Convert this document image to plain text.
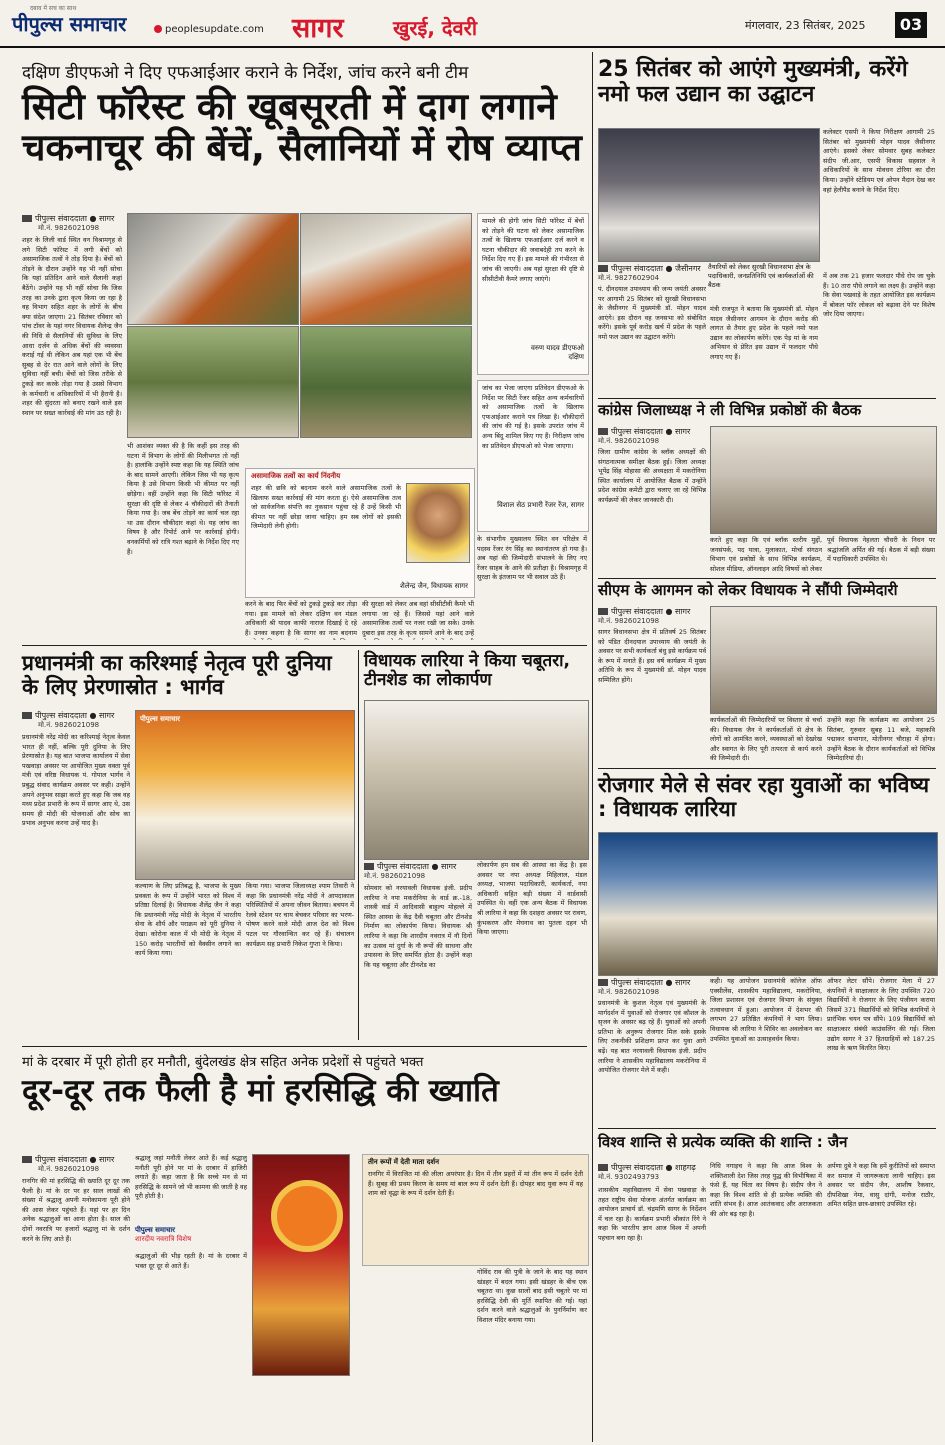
दबाव में सच का साथ
पीपुल्स समाचार	peoplesupdate.com सागर खुरई, देवरी	मंगलवार, 23 सितंबर, 2025	03
दक्षिण डीएफओ ने दिए एफआईआर कराने के निर्देश, जांच करने बनी टीम
सिटी फॉरेस्ट की खूबसूरती में दाग लगाने चकनाचूर की बेंचें, सैलानियों में रोष व्याप्त
पीपुल्स संवाददाता ● सागर
मो.नं. 9826021098
शहर के लिली वार्ड स्थित वन विश्रामगृह से लगे सिटी फॉरेस्ट में लगी बेंचों को असामाजिक तत्वों ने तोड़ दिया है। बेंचों को तोड़ने के दौरान उन्होंने यह भी नहीं सोचा कि यहां प्रतिदिन आने वाले सैलानी कहां बैठेंगे। उन्होंने यह भी नहीं सोचा कि जिस तरह का उनके द्वारा कृत्य किया जा रहा है वह विभाग सहित शहर के लोगों के बीच क्या संदेश जाएगा। 21 सितंबर रविवार को पांच टॉवर के यहां नगर विधायक शैलेन्द्र जैन की निधि से सैलानियों की सुविधा के लिए आधा दर्जन से अधिक बेंचों की व्यवस्था कराई गई थी लेकिन अब यहां एक भी बेंच सुबह से देर रात आने वाले लोगों के लिए सुविधा नहीं बची। बेंचों को जिस तरीके से टुकड़े कर करके तोड़ा गया है उससे विभाग के कर्मचारी व अधिकारियों में भी हैरानी है। शहर की सुंदरता को बनाए रखने वाले इस स्थान पर सख्त कार्रवाई की मांग उठ रही है।
मामले की होगी जांच सिटी फॉरेस्ट में बेंचों को तोड़ने की घटना को लेकर असामाजिक तत्वों के खिलाफ एफआईआर दर्ज करने व घटना चौकीदार की जवाबदेही तय करने के निर्देश दिए गए हैं। इस मामले की गंभीरता से जांच की जाएगी। अब यहां सुरक्षा की दृष्टि से सीसीटीवी कैमरे लगाए जाएंगे।
वरुण यादव डीएफओ दक्षिण
जांच का भेजा जाएगा प्रतिवेदन डीएफओ के निर्देश पर सिटी रेंजर सहित अन्य कर्मचारियों को असामाजिक तत्वों के खिलाफ एफआईआर कराने पत्र लिखा है। चौकीदारों की जांच की गई है। इसके उपरांत जांच में अन्य बिंदु शामिल किए गए हैं। निरीक्षण जांच का प्रतिवेदन डीएफओ को भेजा जाएगा।
विशाल सेठ प्रभारी रेंजर रेंज, सागर
भी आशंका व्यक्त की है कि कहीं इस तरह की घटना में विभाग के लोगों की मिलीभगत तो नहीं है। हालांकि उन्होंने स्पष्ट कहा कि यह स्थिति जांच के बाद सामने आएगी। लेकिन जिस भी यह कृत्य किया है उसे विभाग किसी भी कीमत पर नहीं छोड़ेगा। वहीं उन्होंने कहा कि सिटी फॉरेस्ट में सुरक्षा की दृष्टि से लेकर 4 चौकीदारों की तैनाती किया गया है। जब बेंच तोड़ने का कार्य चल रहा था उस दौरान चौकीदार कहां थे। यह जांच का विषय है और रिपोर्ट आने पर कार्रवाई होगी। वनकर्मियों को रात्रि गश्त बढ़ाने के निर्देश दिए गए हैं।
असामाजिक तत्वों का कार्य निंदनीय
शहर की छवि को बदनाम करने वाले असामाजिक तत्वों के खिलाफ सख्त कार्रवाई की मांग करता हूं। ऐसे असामाजिक तत्व जो सार्वजनिक संपत्ति का नुकसान पहुंचा रहे हैं उन्हें किसी भी कीमत पर नहीं छोड़ा जाना चाहिए। हम सब लोगों को इसकी जिम्मेदारी लेनी होगी।
शैलेन्द्र जैन, विधायक सागर
करने के बाद फिर बेंचों को टुकड़े टुकड़े कर तोड़ा गया। इस मामले को लेकर दक्षिण वन मंडल अधिकारी श्री यादव काफी नाराज दिखाई दे रहे हैं। उनका कहना है कि सागर का नाम बदनाम
की सुरक्षा को लेकर अब वहां सीसीटीवी कैमरे भी लगाया जा रहे हैं। जिससे यहां आने वाले असामाजिक तत्वों पर नजर रखी जा सके। उनके दुबारा इस तरह के कृत्य सामने आने के बाद उन्हें
के संभागीय मुख्यालय स्थित वन परिक्षेत्र में पदस्थ रेंजर रंग सिंह का स्थानांतरण हो गया है। अब यहां की जिम्मेदारी संभालने के लिए नए रेंजर साहब के आने की प्रतीक्षा है। विश्रामगृह में सुरक्षा के इंतजाम पर भी सवाल उठे हैं।
25 सितंबर को आएंगे मुख्यमंत्री, करेंगे नमो फल उद्यान का उद्घाटन
कलेक्टर एसपी ने किया निरीक्षण आगामी 25 सितंबर को मुख्यमंत्री मोहन यादव जैसीनगर आएंगे। इसको लेकर सोमवार सुबह कलेक्टर संदीप जी.आर, एसपी विकास सहवाल ने अधिकारियों के साथ मोवधन टोरिया का दौरा किया। उन्होंने स्टेडियम एवं ओपन मैदान देख कर वहां हेलीपैड बनाने के निर्देश दिए।
पीपुल्स संवाददाता ● जैसीनगर
मो.नं. 9827602904
तैयारियों को लेकर सुरखी विधानसभा क्षेत्र के पदाधिकारी, जनप्रतिनिधि एवं कार्यकर्ताओं की बैठक
पं. दीनदयाल उपाध्याय की जन्म जयंती अवसर पर आगामी 25 सितंबर को सुरखी विधानसभा के जैसीनगर में मुख्यमंत्री डॉ. मोहन यादव आएंगे। इस दौरान वह जनसभा को संबोधित करेंगे। इसके पूर्व करोड़ खर्च में प्रदेश के पहले नमो फल उद्यान का उद्घाटन करेंगे।
मंत्री राजपूत ने बताया कि मुख्यमंत्री डॉ. मोहन यादव जैसीनगर आगमन के दौरान करोड़ की लागत से तैयार हुए प्रदेश के पहले नमो फल उद्यान का लोकार्पण करेंगे। एक पेड़ मां के नाम अभियान से प्रेरित इस उद्यान में फलदार पौधे लगाए गए हैं।
में अब तक 21 हजार फलदार पौधे रोप जा चुके हैं। 10 तारा पौधे लगाने का लक्ष्य है। उन्होंने कहा कि सेवा पखवाड़े के तहत आयोजित इस कार्यक्रम में बोकल फॉर लोकल को बढ़ावा देने पर विशेष जोर दिया जाएगा।
कांग्रेस जिलाध्यक्ष ने ली विभिन्न प्रकोष्ठों की बैठक
पीपुल्स संवाददाता ● सागर
मो.नं. 9826021098
जिला ग्रामीण कांग्रेस के ब्लॉक अध्यक्षों की संगठनात्मक समीक्षा बैठक हुई। जिला अध्यक्ष भूपेंद्र सिंह मोहासा की अध्यक्षता में मकरोनिया स्थित कार्यालय में आयोजित बैठक में उन्होंने प्रदेश कांग्रेस कमेटी द्वारा चलाए जा रहे विभिन्न कार्यक्रमों की लेकर जानकारी दी।
करते हुए कहा कि एवं ब्लॉक स्तरीय मुद्दों, जनसंपर्क, पद यात्रा, मुलाकात, मोर्चा संगठन विभाग एवं प्रकोष्ठों के साथ विभिन्न कार्यक्रम, सोशल मीडिया, ऑनलाइन आदि विषयों को लेकर
पूर्व विधायक नेहलता चौधरी के निधन पर श्रद्धांजलि अर्पित की गई। बैठक में बड़ी संख्या में पदाधिकारी उपस्थित थे।
सीएम के आगमन को लेकर विधायक ने सौंपी जिम्मेदारी
पीपुल्स संवाददाता ● सागर
मो.नं. 9826021098
सागर विधानसभा क्षेत्र में प्रतिवर्ष 25 सितंबर को पंडित दीनदयाल उपाध्याय की जयंती के अवसर पर सभी कार्यकर्ता बंधु इसे कार्यक्रम पर्व के रूप में मनाते हैं। इस वर्ष कार्यक्रम में मुख्य अतिथि के रूप में मुख्यमंत्री डॉ. मोहन यादव सम्मिलित होंगे।
कार्यकर्ताओं की जिम्मेदारियों पर विस्तार से चर्चा की। विधायक जैन ने कार्यकर्ताओं से क्षेत्र के लोगों को आमंत्रित करने, व्यवस्थाओं को देखरेख और स्वागत के लिए पूरी तत्परता से कार्य करने की जिम्मेदारी दी।
उन्होंने कहा कि कार्यक्रम का आयोजन 25 सितंबर, गुरुवार सुबह 11 बजे, महाकवि पद्माकर सभागार, मोतीनगर चौराहा में होगा। उन्होंने बैठक के दौरान कार्यकर्ताओं को विभिन्न जिम्मेदारियां दी।
प्रधानमंत्री का करिश्माई नेतृत्व पूरी दुनिया के लिए प्रेरणास्रोत : भार्गव
पीपुल्स संवाददाता ● सागर
मो.नं. 9826021098
प्रधानमंत्री नरेंद्र मोदी का करिश्माई नेतृत्व केवल भारत ही नहीं, बल्कि पूरी दुनिया के लिए प्रेरणास्रोत है। यह बात भाजपा कार्यालय में सेवा पखवाड़ा अवसर पर आयोजित मुख्य वक्ता पूर्व मंत्री एवं वरिष्ठ विधायक पं. गोपाल भार्गव ने प्रबुद्ध संवाद कार्यक्रम अवसर पर कही। उन्होंने अपने अनुभव साझा करते हुए कहा कि जब वह मध्य प्रदेश प्रभारी के रूप में सागर आए थे, उस समय ही मोदी की योजनाओं और सोच का प्रभाव अनुभव करना उन्हें याद है।
पीपुल्स समाचार
कल्याण के लिए प्रतिबद्ध है, भाजपा के मुख्य प्रवक्ता के रूप में उन्होंने भारत को विश्व में प्रतिष्ठा दिलाई है। विधायक शैलेंद्र जैन ने कहा कि प्रधानमंत्री नरेंद्र मोदी के नेतृत्व में भारतीय सेना के शौर्य और पराक्रम को पूरी दुनिया ने देखा। कोरोना काल में भी मोदी के नेतृत्व में 150 करोड़ भारतीयों को वैक्सीन लगाने का कार्य किया गया।
किया गया। भाजपा जिलाध्यक्ष श्याम तिवारी ने कहा कि प्रधानमंत्री नरेंद्र मोदी ने आपदाकाल परिस्थितियों में अपना जीवन बिताया। बचपन में रेलवे स्टेशन पर चाय बेचकर परिवार का भरण-पोषण करने वाले मोदी आज देश को विश्व पटल पर गौरवान्वित कर रहे हैं। संचालन कार्यक्रम सह प्रभारी निकेश गुप्ता ने किया।
विधायक लारिया ने किया चबूतरा, टीनशेड का लोकार्पण
पीपुल्स संवाददाता ● सागर
मो.नं. 9826021098
सोमवार को नरयावली विधायक इंजी. प्रदीप लारिया ने नपा मकरोनिया के वार्ड क्र.-18, शास्त्री वार्ड में आदिवासी बाहुल्य मोहल्ले में स्थित आस्था के केंद्र दैवी चबूतरा और टीनशेड निर्माण का लोकार्पण किया। विधायक श्री लारिया ने कहा कि शारदीय नवरात्र में नौ दिनों का उत्सव मां दुर्गा के नौ रूपों की साधना और उपासना के लिए समर्पित होता है। उन्होंने कहा कि यह चबूतरा और टीनशेड का
लोकार्पण हम सब की आस्था का केंद्र है। इस अवसर पर नपा अध्यक्ष मिहिलाल, मंडल अध्यक्ष, भाजपा पदाधिकारी, कार्यकर्ता, नपा अधिकारी सहित बड़ी संख्या में वार्डवासी उपस्थित थे। वहीं एक अन्य बैठक में विधायक श्री लारिया ने कहा कि दशहरा अवसर पर रावण, कुंभकरण और मेघनाथ का पुतला दहन भी किया जाएगा।
रोजगार मेले से संवर रहा युवाओं का भविष्य : विधायक लारिया
पीपुल्स संवाददाता ● सागर
मो.नं. 9826021098
प्रधानमंत्री के कुशल नेतृत्व एवं मुख्यमंत्री के मार्गदर्शन में युवाओं को रोजगार एवं कौशल के सृजन के अवसर बढ़ रहे हैं। युवाओं को अपनी प्रतिभा के अनुरूप रोजगार मिल सके इसके लिए तकनीकी प्रशिक्षण प्राप्त कर युवा आगे बढ़ें। यह बात नरयावली विधायक इंजी. प्रदीप लारिया ने शासकीय महाविद्यालय मकरोनिया में आयोजित रोजगार मेले में कही।
कही। यह आयोजन प्रधानमंत्री कॉलेज ऑफ एक्सीलेंस, शासकीय महाविद्यालय, मकरोनिया, जिला प्रशासन एवं रोजगार विभाग के संयुक्त तत्वावधान में हुआ। आयोजन में देशभर की लगभग 27 प्रतिष्ठित कंपनियों ने भाग लिया। विधायक श्री लारिया ने शिविर का अवलोकन कर उपस्थित युवाओं का उत्साहवर्धन किया।
ऑफर लेटर सौंपे। रोजगार मेला में 27 कंपनियों ने साक्षात्कार के लिए उपस्थित 720 विद्यार्थियों ने रोजगार के लिए पंजीयन कराया जिसमें 371 विद्यार्थियों को विभिन्न कंपनियों ने प्रारंभिक चयन पत्र सौंपे। 109 विद्यार्थियों को साक्षात्कार संबंधी काउंसलिंग की गई। जिला उद्योग सागर ने 37 हितग्राहियों को 187.25 लाख के ऋण वितरित किए।
विश्व शान्ति से प्रत्येक व्यक्ति की शान्ति : जैन
पीपुल्स संवाददाता ● शाहगढ़
मो.नं. 9302493793
शासकीय महाविद्यालय में सेवा पखवाड़ा के तहत राष्ट्रीय सेवा योजना अंतर्गत कार्यक्रम का आयोजन प्राचार्य डॉ. चंद्रमणि सागर के निर्देशन में चल रहा है। कार्यक्रम प्रभारी श्रीकांत रिंगे ने कहा कि भारतीय ज्ञान आज विश्व में अपनी पहचान बना रहा है।
निधि नगाइच ने कहा कि आज विश्व के शक्तिशाली देश जिस तरह युद्ध की विभीषिका में फंसे हैं, यह चिंता का विषय है। संदीप जैन ने कहा कि विश्व शांति से ही प्रत्येक व्यक्ति की शांति संभव है। आज आतंकवाद और अराजकता की ओर बढ़ रहा है।
अर्पणा दुबे ने कहा कि हमें कुरीतियों को समाप्त कर समाज में जागरूकता लानी चाहिए। इस अवसर पर संदीप जैन, आशीष रैकवार, दीपशिखा नेमा, वासु दांगी, मनोज राठौर, अमित सहित छात्र-छात्राएं उपस्थित रहे।
मां के दरबार में पूरी होती हर मनौती, बुंदेलखंड क्षेत्र सहित अनेक प्रदेशों से पहुंचते भक्त
दूर-दूर तक फैली है मां हरसिद्धि की ख्याति
पीपुल्स संवाददाता ● सागर
मो.नं. 9826021098
रानगिर की मां हरसिद्धि की ख्याति दूर दूर तक फैली है। मां के दर पर हर साल लाखों की संख्या में श्रद्धालु अपनी मनोकामना पूरी होने की आस लेकर पहुंचते हैं। यहां पर हर दिन अनेक श्रद्धालुओं का आना होता है। साल की दोनों नवरात्रि पर हजारों श्रद्धालु मां के दर्शन करने के लिए आते हैं।
श्रद्धालु जहां मनौती लेकर आते हैं। कई श्रद्धालु मनौती पूरी होने पर मां के दरबार में हाजिरी लगाते हैं। कहा जाता है कि सच्चे मन से मां हरसिद्धि के सामने जो भी कामना की जाती है वह पूरी होती है।
पीपुल्स समाचार
शारदीय नवरात्रि विशेष
श्रद्धालुओं की भीड़ रहती है। मां के दरबार में भक्त दूर दूर से आते हैं।
तीन रूपों में देती माता दर्शन
रानगिर में विराजित मां की लीला अपरंपार है। दिन में तीन प्रहरों में मां तीन रूप में दर्शन देती हैं। सुबह की प्रथम किरण के समय मां बाल रूप में दर्शन देती हैं। दोपहर बाद युवा रूप में यह शाम को वृद्धा के रूप में दर्शन देती हैं।
गोविंद राव की पुत्री के जाने के बाद यह स्थान खंडहर में बदल गया। इसी खंडहर के बीच एक चबूतरा था। कुछ सालों बाद इसी चबूतरे पर मां हरसिद्धि देवी की मूर्ति स्थापित की गई। यहां दर्शन करने वाले श्रद्धालुओं के पुनर्निर्माण कर विशाल मंदिर बनाया गया।
